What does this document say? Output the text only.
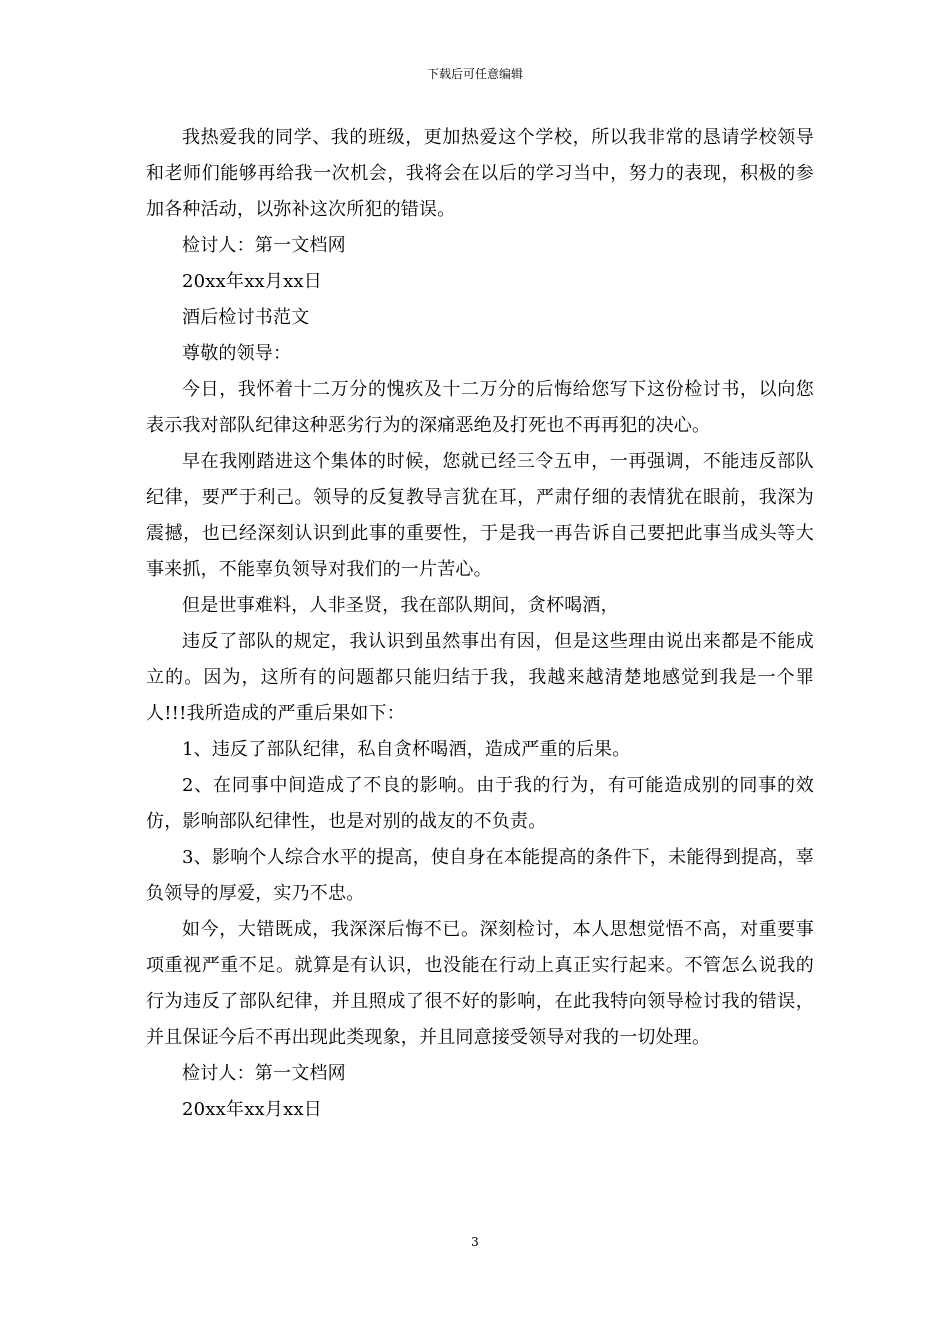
下载后可任意编辑

我热爱我的同学、我的班级，更加热爱这个学校，所以我非常的恳请学校领导和老师们能够再给我一次机会，我将会在以后的学习当中，努力的表现，积极的参加各种活动，以弥补这次所犯的错误。

检讨人：第一文档网

20xx年xx月xx日

酒后检讨书范文

尊敬的领导：

今日，我怀着十二万分的愧疚及十二万分的后悔给您写下这份检讨书，以向您表示我对部队纪律这种恶劣行为的深痛恶绝及打死也不再再犯的决心。

早在我刚踏进这个集体的时候，您就已经三令五申，一再强调，不能违反部队纪律，要严于利己。领导的反复教导言犹在耳，严肃仔细的表情犹在眼前，我深为震撼，也已经深刻认识到此事的重要性，于是我一再告诉自己要把此事当成头等大事来抓，不能辜负领导对我们的一片苦心。

但是世事难料，人非圣贤，我在部队期间，贪杯喝酒，

违反了部队的规定，我认识到虽然事出有因，但是这些理由说出来都是不能成立的。因为，这所有的问题都只能归结于我，我越来越清楚地感觉到我是一个罪人!!!我所造成的严重后果如下：

1、违反了部队纪律，私自贪杯喝酒，造成严重的后果。

2、在同事中间造成了不良的影响。由于我的行为，有可能造成别的同事的效仿，影响部队纪律性，也是对别的战友的不负责。

3、影响个人综合水平的提高，使自身在本能提高的条件下，未能得到提高，辜负领导的厚爱，实乃不忠。

如今，大错既成，我深深后悔不已。深刻检讨，本人思想觉悟不高，对重要事项重视严重不足。就算是有认识，也没能在行动上真正实行起来。不管怎么说我的行为违反了部队纪律，并且照成了很不好的影响，在此我特向领导检讨我的错误，并且保证今后不再出现此类现象，并且同意接受领导对我的一切处理。

检讨人：第一文档网

20xx年xx月xx日

3
